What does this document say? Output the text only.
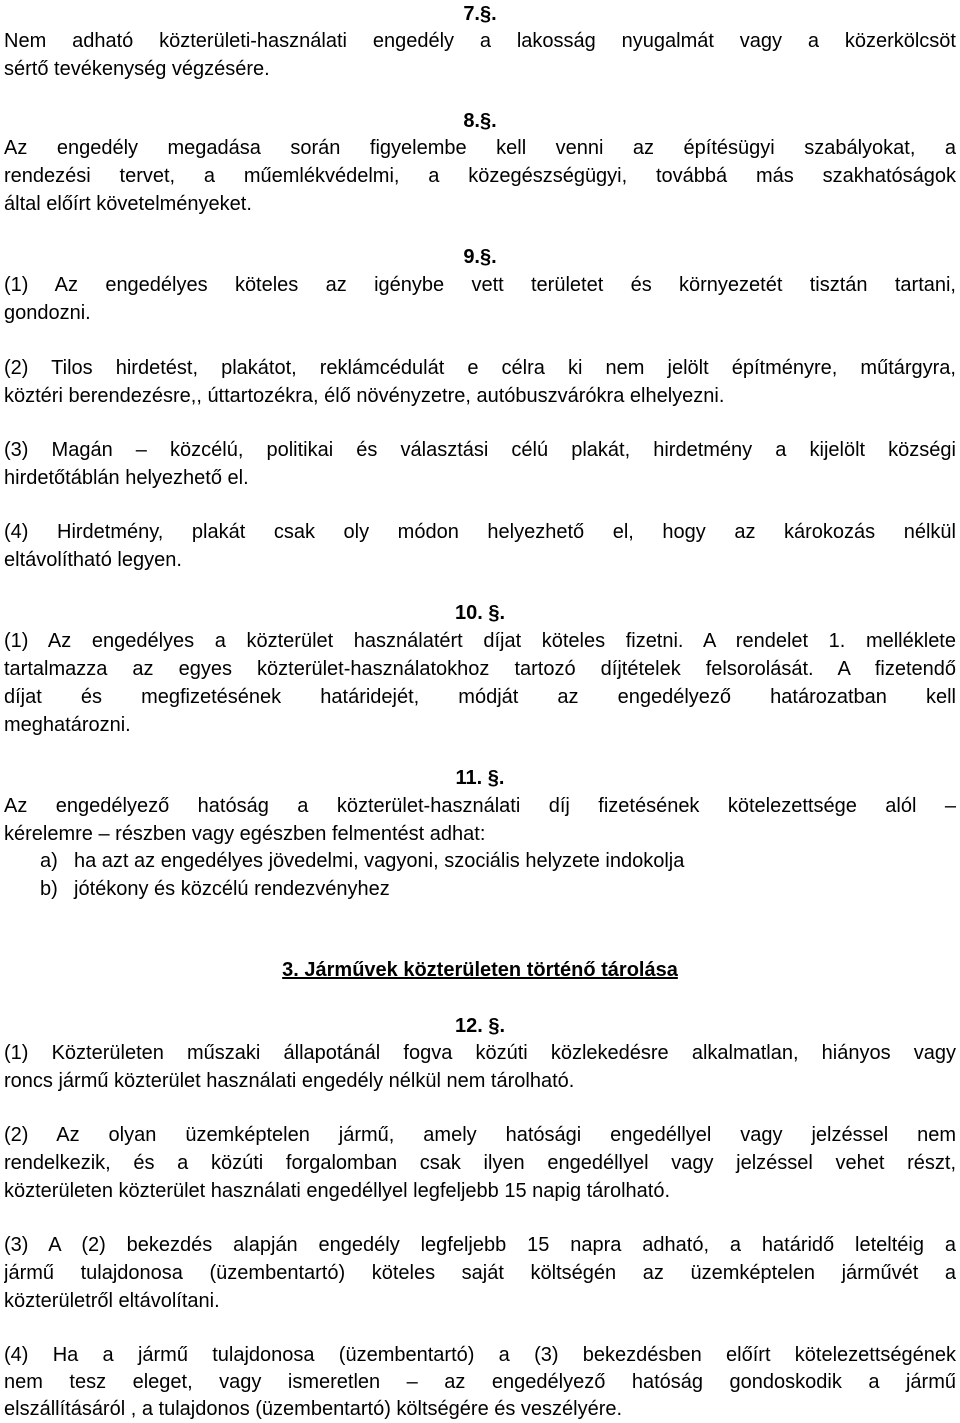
7.§.
Nem adható közterületi-használati engedély a lakosság nyugalmát vagy a közerkölcsöt
sértő tevékenység végzésére.
8.§.
Az engedély megadása során figyelembe kell venni az építésügyi szabályokat, a
rendezési tervet, a műemlékvédelmi, a közegészségügyi, továbbá más szakhatóságok
által előírt követelményeket.
9.§.
(1) Az engedélyes köteles az igénybe vett területet és környezetét tisztán tartani,
gondozni.
(2) Tilos hirdetést, plakátot, reklámcédulát e célra ki nem jelölt építményre, műtárgyra,
köztéri berendezésre,, úttartozékra, élő növényzetre, autóbuszvárókra elhelyezni.
(3) Magán – közcélú, politikai és választási célú plakát, hirdetmény a kijelölt községi
hirdetőtáblán helyezhető el.
(4) Hirdetmény, plakát csak oly módon helyezhető el, hogy az károkozás nélkül
eltávolítható legyen.
10. §.
(1) Az engedélyes a közterület használatért díjat köteles fizetni. A rendelet 1. melléklete
tartalmazza az egyes közterület-használatokhoz tartozó díjtételek felsorolását. A fizetendő
díjat és megfizetésének határidejét, módját az engedélyező határozatban kell
meghatározni.
11. §.
Az engedélyező hatóság a közterület-használati díj fizetésének kötelezettsége alól –
kérelemre – részben vagy egészben felmentést adhat:
a) ha azt az engedélyes jövedelmi, vagyoni, szociális helyzete indokolja
b) jótékony és közcélú rendezvényhez
3. Járművek közterületen történő tárolása
12. §.
(1) Közterületen műszaki állapotánál fogva közúti közlekedésre alkalmatlan, hiányos vagy
roncs jármű közterület használati engedély nélkül nem tárolható.
(2) Az olyan üzemképtelen jármű, amely hatósági engedéllyel vagy jelzéssel nem
rendelkezik, és a közúti forgalomban csak ilyen engedéllyel vagy jelzéssel vehet részt,
közterületen közterület használati engedéllyel legfeljebb 15 napig tárolható.
(3) A (2) bekezdés alapján engedély legfeljebb 15 napra adható, a határidő leteltéig a
jármű tulajdonosa (üzembentartó) köteles saját költségén az üzemképtelen járművét a
közterületről eltávolítani.
(4) Ha a jármű tulajdonosa (üzembentartó) a (3) bekezdésben előírt kötelezettségének
nem tesz eleget, vagy ismeretlen – az engedélyező hatóság gondoskodik a jármű
elszállításáról , a tulajdonos (üzembentartó) költségére és veszélyére.
